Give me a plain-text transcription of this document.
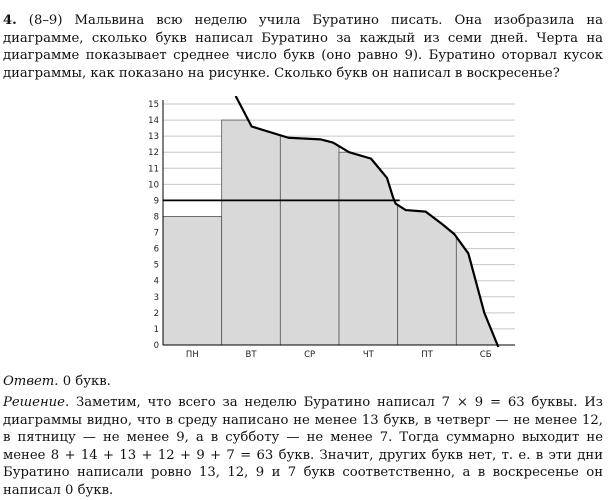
4. (8–9) Мальвина всю неделю учила Буратино писать. Она изобразила на диаграмме, сколько букв написал Буратино за каждый из семи дней. Черта на диаграмме показывает среднее число букв (оно равно 9). Буратино оторвал кусок диаграммы, как показано на рисунке. Сколько букв он написал в воскресенье?
0
1
2
3
4
5
6
7
8
9
10
11
12
13
14
15
ПН	ВТ	СР	ЧТ	ПТ	СБ
Ответ. 0 букв.
Решение. Заметим, что всего за неделю Буратино написал 7 × 9 = 63 буквы. Из диаграммы видно, что в среду написано не менее 13 букв, в четверг — не менее 12, в пятницу — не менее 9, а в субботу — не менее 7. Тогда суммарно выходит не менее 8 + 14 + 13 + 12 + 9 + 7 = 63 букв. Значит, других букв нет, т. е. в эти дни Буратино написали ровно 13, 12, 9 и 7 букв соответственно, а в воскресенье он написал 0 букв.
